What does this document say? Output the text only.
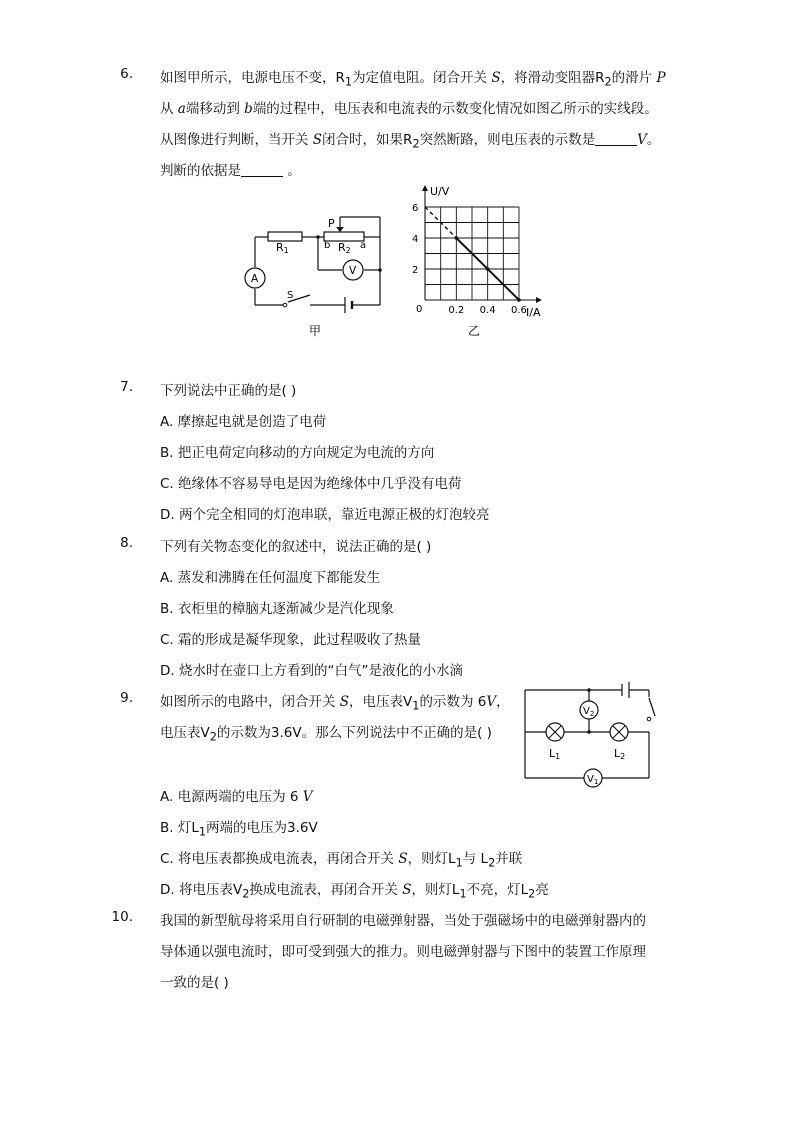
6. 如图甲所示，电源电压不变，$R_1$为定值电阻。闭合开关 S，将滑动变阻器$R_2$的滑片 P
从 a端移动到 b端的过程中，电压表和电流表的示数变化情况如图乙所示的实线段。
从图像进行判断，当开关 S闭合时，如果$R_2$突然断路，则电压表的示数是	V。
判断的依据是	。
R1	R2
P
a
b
A
V
S
甲
2
4
6
0.2 0.4 0.6
U/V
I/A
0
乙
7. 下列说法中正确的是( )
A. 摩擦起电就是创造了电荷
B. 把正电荷定向移动的方向规定为电流的方向
C. 绝缘体不容易导电是因为绝缘体中几乎没有电荷
D. 两个完全相同的灯泡串联，靠近电源正极的灯泡较亮
8. 下列有关物态变化的叙述中，说法正确的是( )
A. 蒸发和沸腾在任何温度下都能发生
B. 衣柜里的樟脑丸逐渐减少是汽化现象
C. 霜的形成是凝华现象，此过程吸收了热量
D. 烧水时在壶口上方看到的“白气”是液化的小水滴
9. 如图所示的电路中，闭合开关 S，电压表$V_1$的示数为 6V，
电压表$V_2$的示数为3.6V。那么下列说法中不正确的是( )
A. 电源两端的电压为 6 V
B. 灯$L_1$两端的电压为3.6V
C. 将电压表都换成电流表，再闭合开关 S，则灯$L_1$与 $L_2$并联
D. 将电压表$V_2$换成电流表，再闭合开关 S，则灯$L_1$不亮，灯$L_2$亮
$V_2$
$V_1$
L1	L2
10. 我国的新型航母将采用自行研制的电磁弹射器，当处于强磁场中的电磁弹射器内的
导体通以强电流时，即可受到强大的推力。则电磁弹射器与下图中的装置工作原理
一致的是( )
